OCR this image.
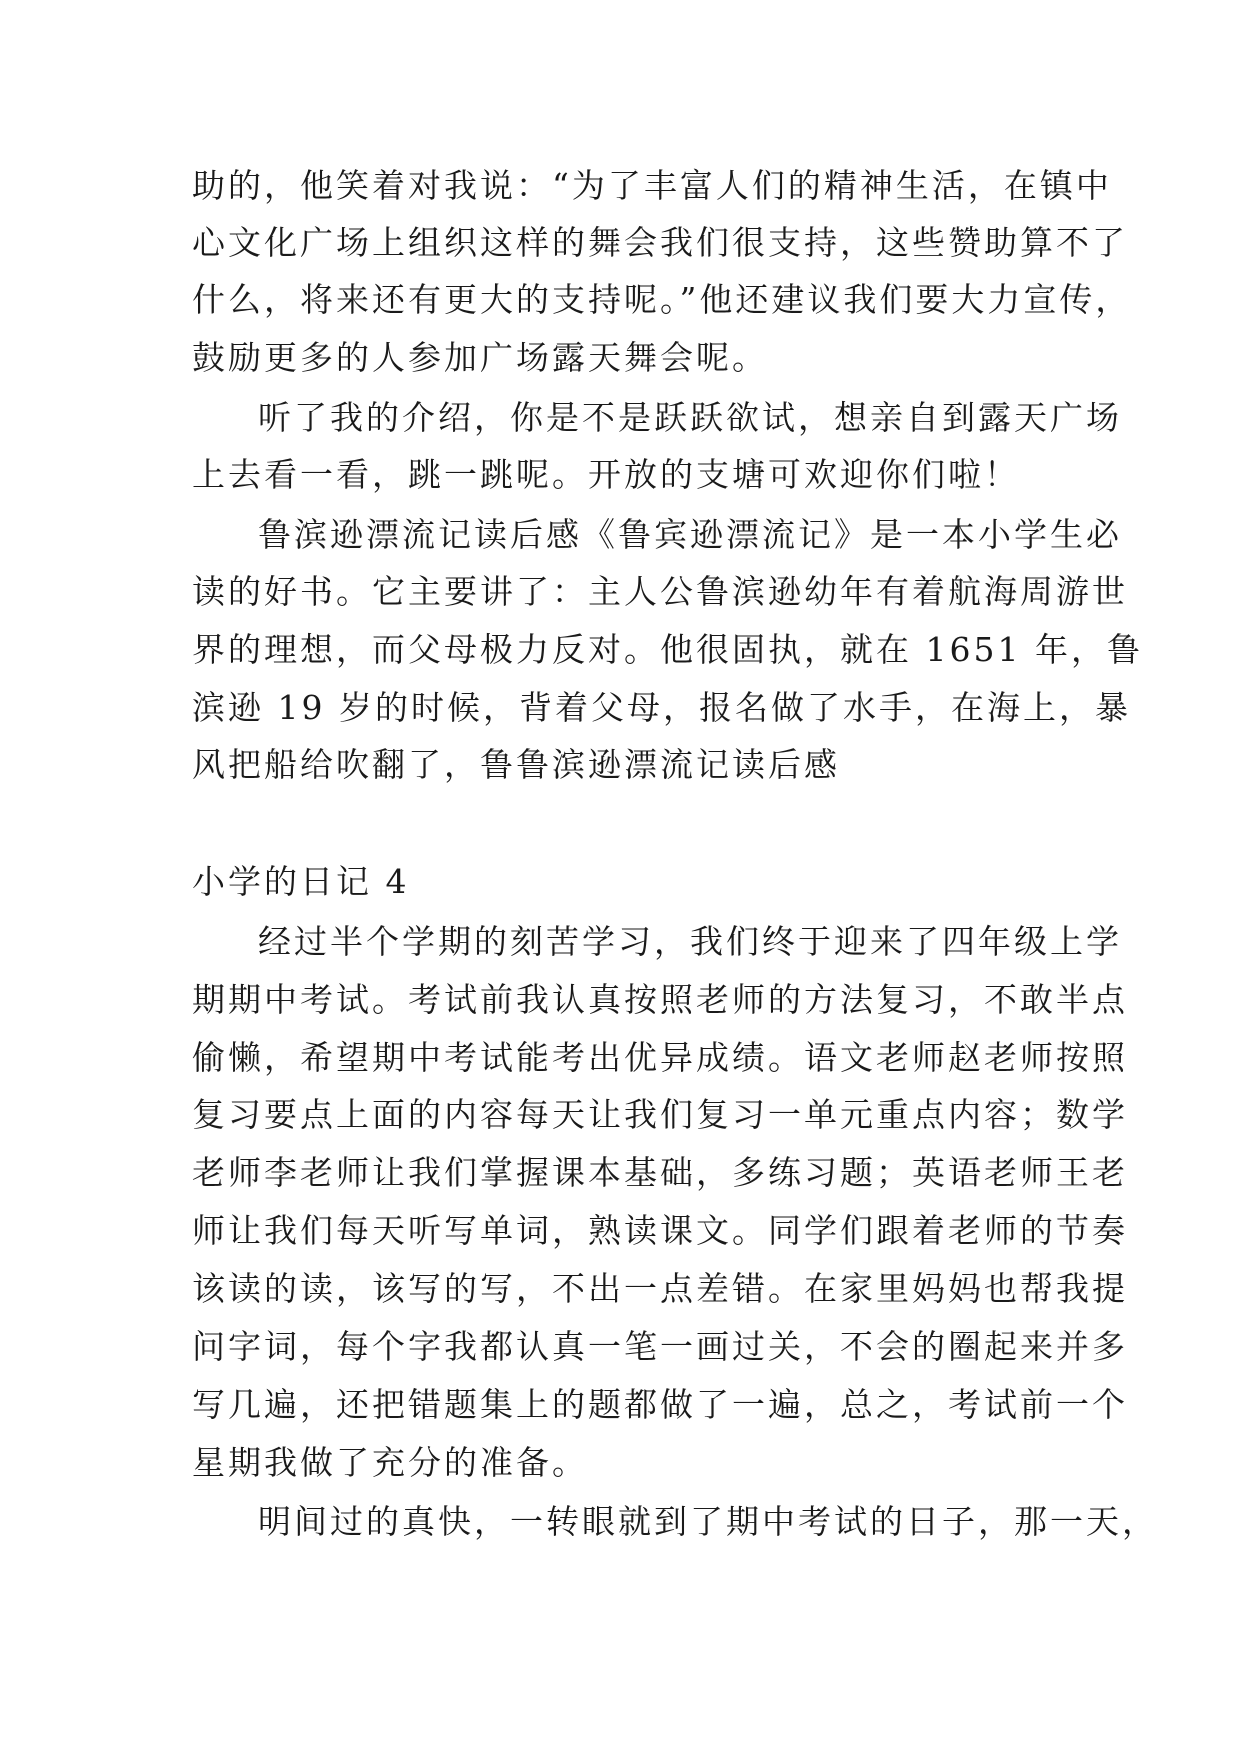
助的，他笑着对我说：“为了丰富人们的精神生活，在镇中
心文化广场上组织这样的舞会我们很支持，这些赞助算不了
什么，将来还有更大的支持呢。”他还建议我们要大力宣传，
鼓励更多的人参加广场露天舞会呢。
听了我的介绍，你是不是跃跃欲试，想亲自到露天广场
上去看一看，跳一跳呢。开放的支塘可欢迎你们啦！
鲁滨逊漂流记读后感《鲁宾逊漂流记》是一本小学生必
读的好书。它主要讲了：主人公鲁滨逊幼年有着航海周游世
界的理想，而父母极力反对。他很固执，就在 1651 年，鲁
滨逊 19 岁的时候，背着父母，报名做了水手，在海上，暴
风把船给吹翻了，鲁鲁滨逊漂流记读后感
小学的日记 4
经过半个学期的刻苦学习，我们终于迎来了四年级上学
期期中考试。考试前我认真按照老师的方法复习，不敢半点
偷懒，希望期中考试能考出优异成绩。语文老师赵老师按照
复习要点上面的内容每天让我们复习一单元重点内容；数学
老师李老师让我们掌握课本基础，多练习题；英语老师王老
师让我们每天听写单词，熟读课文。同学们跟着老师的节奏
该读的读，该写的写，不出一点差错。在家里妈妈也帮我提
问字词，每个字我都认真一笔一画过关，不会的圈起来并多
写几遍，还把错题集上的题都做了一遍，总之，考试前一个
星期我做了充分的准备。
明间过的真快，一转眼就到了期中考试的日子，那一天，
